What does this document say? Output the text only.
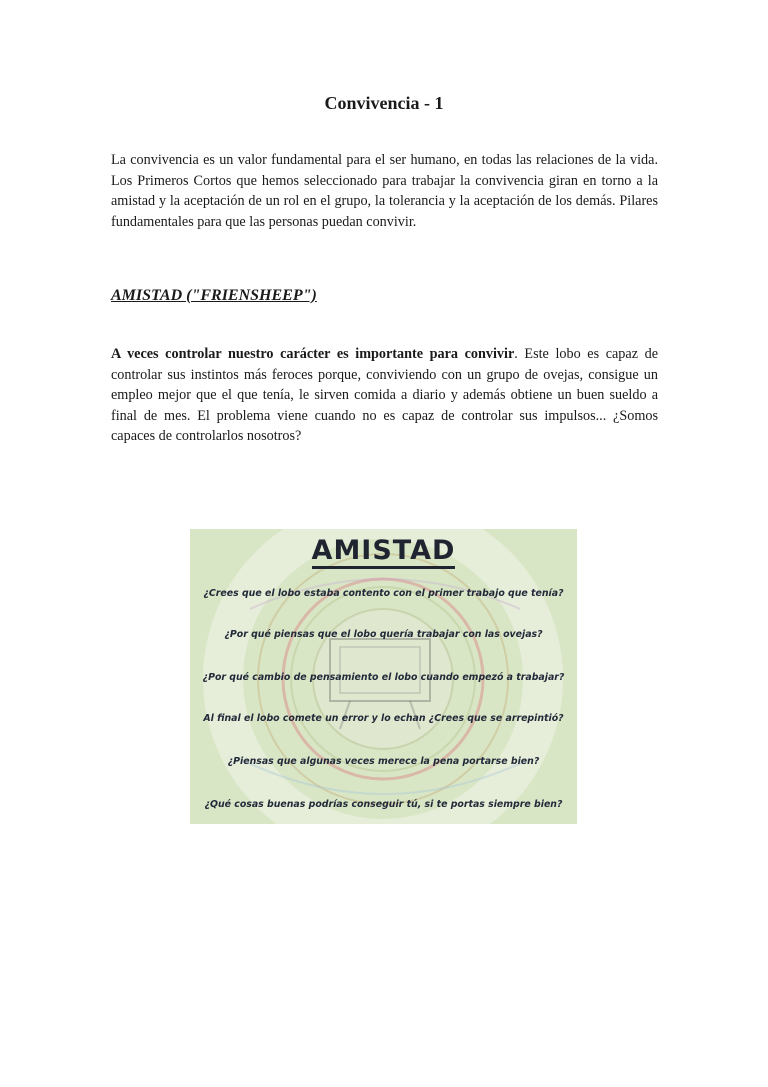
Convivencia - 1
La convivencia es un valor fundamental para el ser humano, en todas las relaciones de la vida. Los Primeros Cortos que hemos seleccionado para trabajar la convivencia giran en torno a la amistad y la aceptación de un rol en el grupo, la tolerancia y la aceptación de los demás. Pilares fundamentales para que las personas puedan convivir.
AMISTAD ("FRIENSHEEP")
A veces controlar nuestro carácter es importante para convivir. Este lobo es capaz de controlar sus instintos más feroces porque, conviviendo con un grupo de ovejas, consigue un empleo mejor que el que tenía, le sirven comida a diario y además obtiene un buen sueldo a final de mes. El problema viene cuando no es capaz de controlar sus impulsos... ¿Somos capaces de controlarlos nosotros?
AMISTAD
¿Crees que el lobo estaba contento con el primer trabajo que tenía?
¿Por qué piensas que el lobo quería trabajar con las ovejas?
¿Por qué cambio de pensamiento el lobo cuando empezó a trabajar?
Al final el lobo comete un error y lo echan ¿Crees que se arrepintió?
¿Piensas que algunas veces merece la pena portarse bien?
¿Qué cosas buenas podrías conseguir tú, si te portas siempre bien?
